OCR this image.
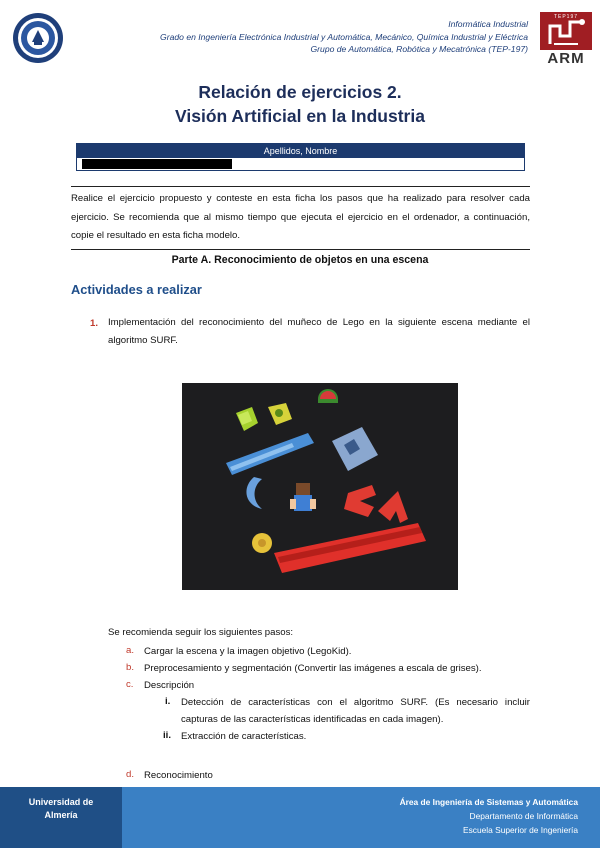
Informática Industrial
Grado en Ingeniería Electrónica Industrial y Automática, Mecánico, Química Industrial y Eléctrica
Grupo de Automática, Robótica y Mecatrónica (TEP-197)
TEP197
ARM
Relación de ejercicios 2.
Visión Artificial en la Industria
Apellidos, Nombre
Realice el ejercicio propuesto y conteste en esta ficha los pasos que ha realizado para resolver cada ejercicio. Se recomienda que al mismo tiempo que ejecuta el ejercicio en el ordenador, a continuación, copie el resultado en esta ficha modelo.
Parte A. Reconocimiento de objetos en una escena
Actividades a realizar
1. Implementación del reconocimiento del muñeco de Lego en la siguiente escena mediante el algoritmo SURF.
Se recomienda seguir los siguientes pasos:
a. Cargar la escena y la imagen objetivo (LegoKid).
b. Preprocesamiento y segmentación (Convertir las imágenes a escala de grises).
c. Descripción
i. Detección de características con el algoritmo SURF. (Es necesario incluir capturas de las características identificadas en cada imagen).
ii. Extracción de características.
d. Reconocimiento
Área de Ingeniería de Sistemas y Automática
Departamento de Informática
Escuela Superior de Ingeniería
Universidad de
Almería
